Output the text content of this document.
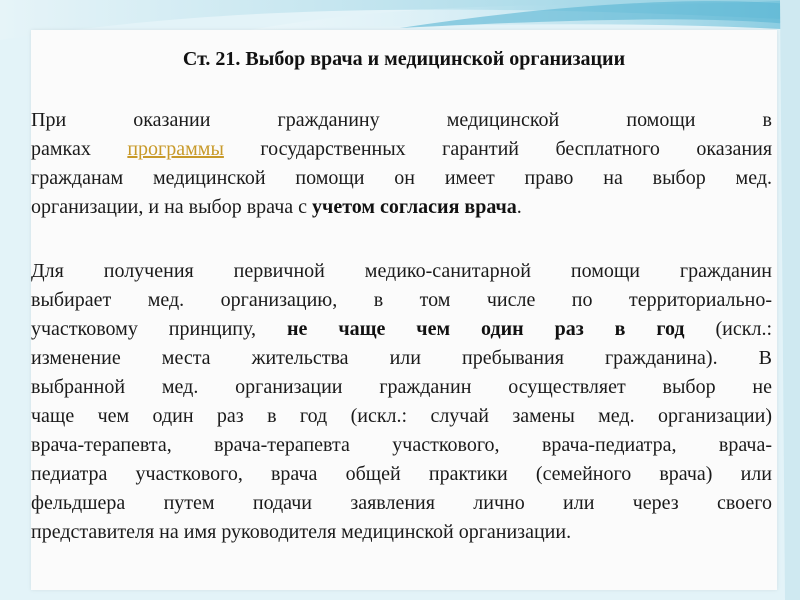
Ст. 21. Выбор врача и медицинской организации
При оказании гражданину медицинской помощи в
рамках программы государственных гарантий бесплатного оказания
гражданам медицинской помощи он имеет право на выбор мед.
организации, и на выбор врача с учетом согласия врача.
Для получения первичной медико-санитарной помощи гражданин
выбирает мед. организацию, в том числе по территориально-
участковому принципу, не чаще чем один раз в год (искл.:
изменение места жительства или пребывания гражданина). В
выбранной мед. организации гражданин осуществляет выбор не
чаще чем один раз в год (искл.: случай замены мед. организации)
врача-терапевта, врача-терапевта участкового, врача-педиатра, врача-
педиатра участкового, врача общей практики (семейного врача) или
фельдшера путем подачи заявления лично или через своего
представителя на имя руководителя медицинской организации.
